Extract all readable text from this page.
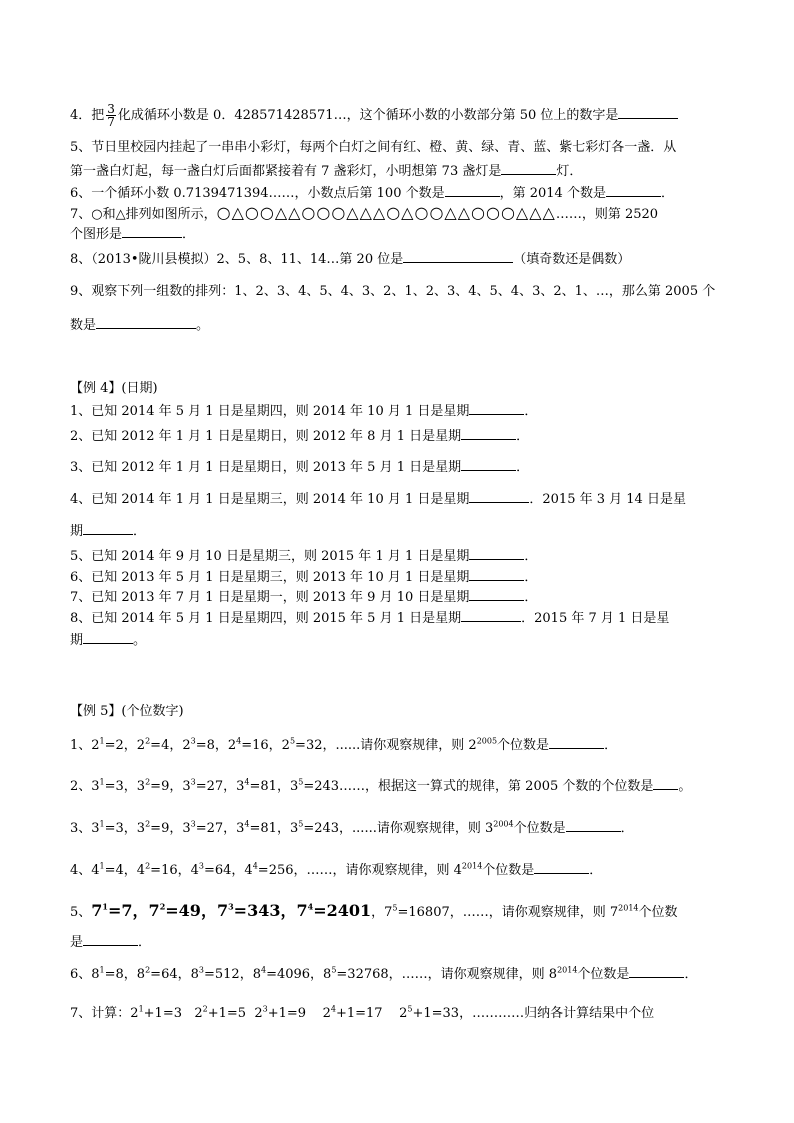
4．把 $\frac{3}{7}$ 化成循环小数是 0．428571428571…，这个循环小数的小数部分第 50 位上的数字是
5、节日里校园内挂起了一串串小彩灯，每两个白灯之间有红、橙、黄、绿、青、蓝、紫七彩灯各一盏．从
第一盏白灯起，每一盏白灯后面都紧接着有 7 盏彩灯，小明想第 73 盏灯是	灯．
6、一个循环小数 0.7139471394……，小数点后第 100 个数是	，第 2014 个数是	．
7、○和△排列如图所示，○△○○△△○○○△△△○△○○△△○○○△△△……，则第 2520
个图形是	．
8、（2013•陇川县模拟）2、5、8、11、14…第 20 位是	（填奇数还是偶数）
9、观察下列一组数的排列：1、2、3、4、5、4、3、2、1、2、3、4、5、4、3、2、1、…，那么第 2005 个
数是	。
【例 4】(日期)
1、已知 2014 年 5 月 1 日是星期四，则 2014 年 10 月 1 日是星期	．
2、已知 2012 年 1 月 1 日是星期日，则 2012 年 8 月 1 日是星期	．
3、已知 2012 年 1 月 1 日是星期日，则 2013 年 5 月 1 日是星期	．
4、已知 2014 年 1 月 1 日是星期三，则 2014 年 10 月 1 日是星期	．2015 年 3 月 14 日是星
期	．
5、已知 2014 年 9 月 10 日是星期三，则 2015 年 1 月 1 日是星期	．
6、已知 2013 年 5 月 1 日是星期三，则 2013 年 10 月 1 日是星期	．
7、已知 2013 年 7 月 1 日是星期一，则 2013 年 9 月 10 日是星期	．
8、已知 2014 年 5 月 1 日是星期四，则 2015 年 5 月 1 日是星期	．2015 年 7 月 1 日是星
期	。
【例 5】(个位数字)
1、$2^1=2$，$2^2=4$，$2^3=8$，$2^4=16$，$2^5=32$，......请你观察规律，则 $2^{2005}$个位数是	．
2、$3^1=3$，$3^2=9$，$3^3=27$，$3^4=81$，$3^5=243\dots\dots$，根据这一算式的规律，第 2005 个数的个位数是 。
3、$3^1=3$，$3^2=9$，$3^3=27$，$3^4=81$，$3^5=243$，......请你观察规律，则 $3^{2004}$个位数是	．
4、$4^1=4$，$4^2=16$，$4^3=64$，$4^4=256$，……，请你观察规律，则 $4^{2014}$个位数是	．
5、$7^1=7$，$7^2=49$，$7^3=343$，$7^4=2401$，$7^5=16807$，……，请你观察规律，则 $7^{2014}$个位数
是	．
6、$8^1=8$，$8^2=64$，$8^3=512$，$8^4=4096$，$8^5=32768$，……，请你观察规律，则 $8^{2014}$个位数是	．
7、计算：$2^1+1=3$   $2^2+1=5$  $2^3+1=9$    $2^4+1=17$    $2^5+1=33$，…………归纳各计算结果中个位
